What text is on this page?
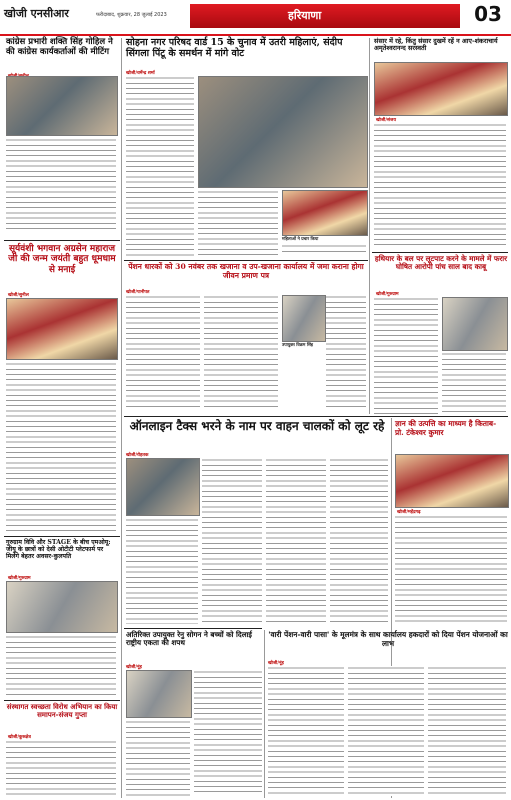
खोजी एनसीआर	फरीदाबाद, शुक्रवार, 28 जुलाई 2023	हरियाणा	03
कांग्रेस प्रभारी शक्ति सिंह गोहिल ने की कांग्रेस कार्यकर्ताओं की मीटिंग
सूर्यवंशी भगवान अग्रसेन महाराज जी की जन्म जयंती बहुत धूमधाम से मनाई
खोजी/सुनील
गुरुग्राम विवि और STAGE के बीच एमओयू: जीयू के छात्रों को देसी ओटीटी प्लेटफार्म पर मिलेंगे बेहतर अवसर-कुलपति
खोजी/गुरुग्राम
संस्थागत स्वच्छता विरोध अभियान का किया समापन-संजय गुप्ता
खोजी/कुरुक्षेत्र
सोहना नगर परिषद वार्ड 15 के चुनाव में उतरी महिलाएं, संदीप सिंगला पिंटू के समर्थन में मांगे वोट
खोजी/धर्मेन्द्र शर्मा
महिलाओं ने प्रचार किया
पेंशन धारकों को 30 नवंबर तक खजाना व उप-खजाना कार्यालय में जमा कराना होगा जीवन प्रमाण पत्र
खोजी/पानीपत
उपायुक्त विक्रम सिंह
संसार में रहे, किंतु संसार दुखमें रहें न आए-शंकराचार्य अमृतेश्वरानन्द सरस्वती
खोजी/संजय
हथियार के बल पर लूटपाट करने के मामले में फरार घोषित आरोपी पांच साल बाद काबू
खोजी/गुरुग्राम
ऑनलाइन टैक्स भरने के नाम पर वाहन चालकों को लूट रहे
खोजी/रोहतक
ज्ञान की उत्पत्ति का माध्यम है किताब- प्रो. टंकेश्वर कुमार
खोजी/महेंद्रगढ़
अतिरिक्त उपायुक्त रेनु सोगन ने बच्चों को दिलाई राष्ट्रीय एकता की शपथ
खोजी/नूंह
'वारी पेंशन-वारी पासा' के मूलमंत्र के साथ कार्यालय हकदारों को दिया पेंशन योजनाओं का लाभ
खोजी/नूंह
